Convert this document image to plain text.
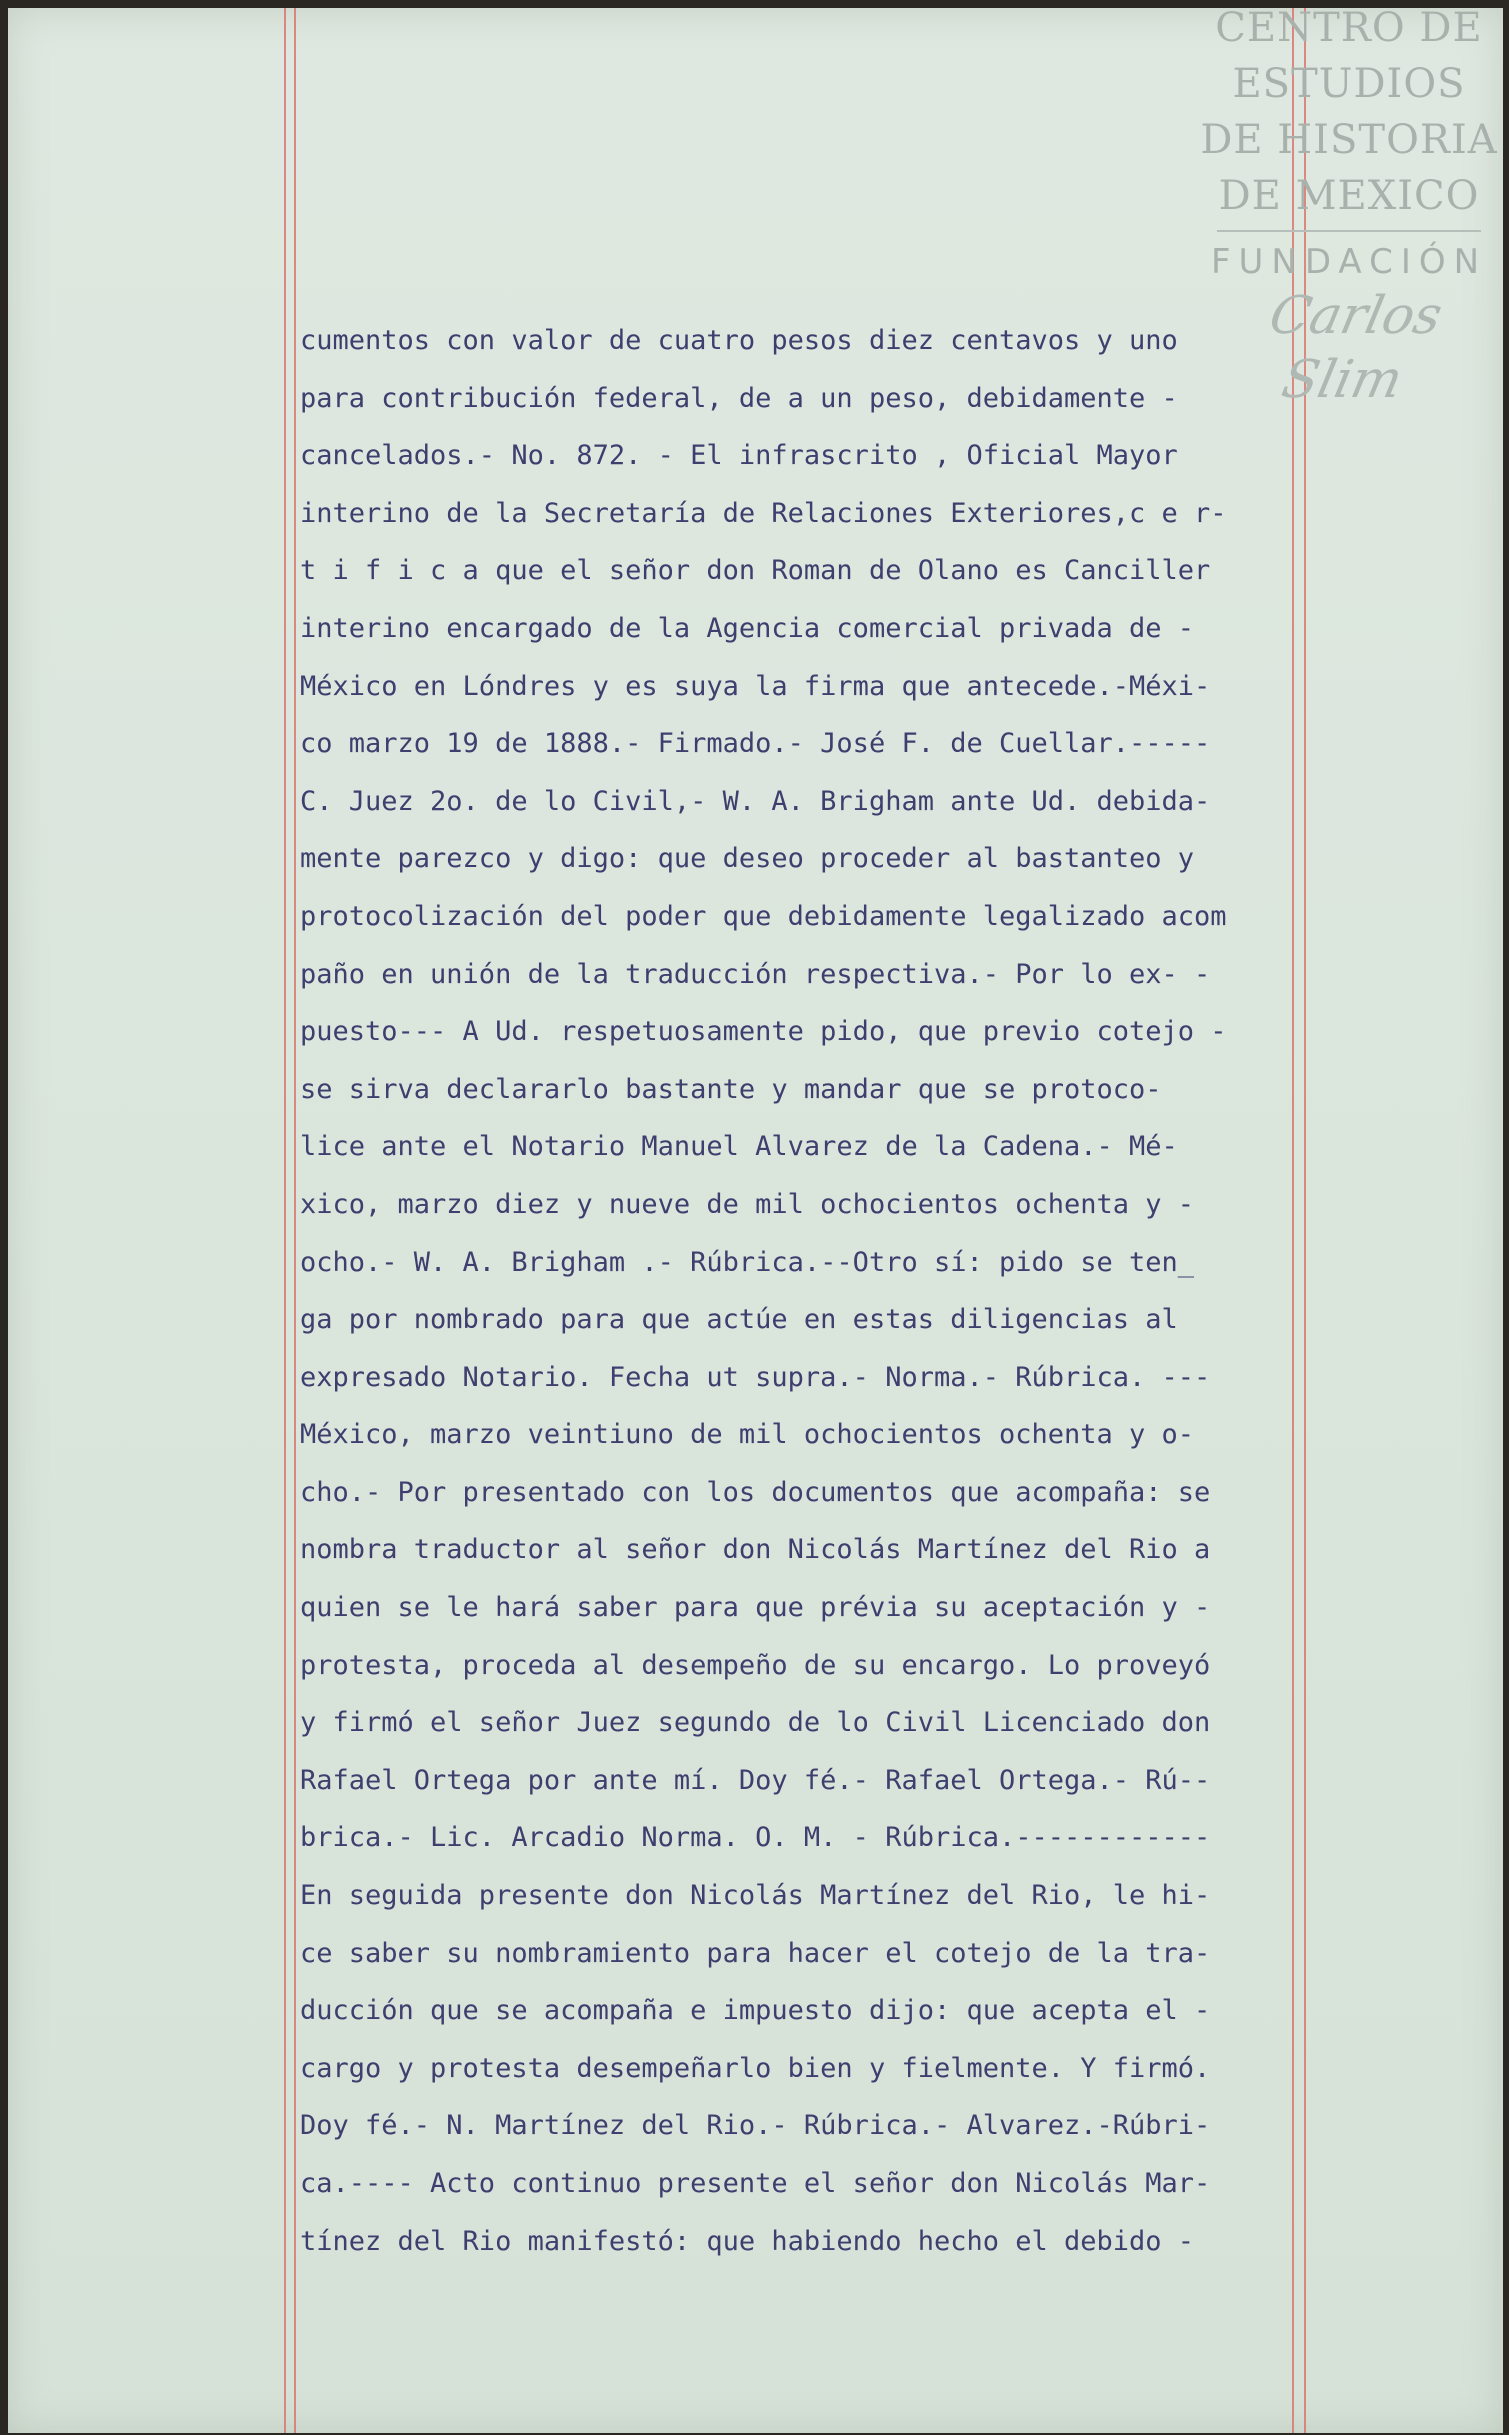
CENTRO DE
ESTUDIOS
DE HISTORIA
DE MEXICO
FUNDACIÓN
Carlos Slim
cumentos con valor de cuatro pesos diez centavos y uno
para contribución federal, de a un peso, debidamente -
cancelados.- No. 872. - El infrascrito , Oficial Mayor
interino de la Secretaría de Relaciones Exteriores,c e r-
t i f i c a que el señor don Roman de Olano es Canciller
interino encargado de la Agencia comercial privada de -
México en Lóndres y es suya la firma que antecede.-Méxi-
co marzo 19 de 1888.- Firmado.- José F. de Cuellar.-----
C. Juez 2o. de lo Civil,- W. A. Brigham ante Ud. debida-
mente parezco y digo: que deseo proceder al bastanteo y
protocolización del poder que debidamente legalizado acom
paño en unión de la traducción respectiva.- Por lo ex- -
puesto--- A Ud. respetuosamente pido, que previo cotejo -
se sirva declararlo bastante y mandar que se protoco-
lice ante el Notario Manuel Alvarez de la Cadena.- Mé-
xico, marzo diez y nueve de mil ochocientos ochenta y -
ocho.- W. A. Brigham .- Rúbrica.--Otro sí: pido se ten_
ga por nombrado para que actúe en estas diligencias al
expresado Notario. Fecha ut supra.- Norma.- Rúbrica. ---
México, marzo veintiuno de mil ochocientos ochenta y o-
cho.- Por presentado con los documentos que acompaña: se
nombra traductor al señor don Nicolás Martínez del Rio a
quien se le hará saber para que prévia su aceptación y -
protesta, proceda al desempeño de su encargo. Lo proveyó
y firmó el señor Juez segundo de lo Civil Licenciado don
Rafael Ortega por ante mí. Doy fé.- Rafael Ortega.- Rú--
brica.- Lic. Arcadio Norma. O. M. - Rúbrica.------------
En seguida presente don Nicolás Martínez del Rio, le hi-
ce saber su nombramiento para hacer el cotejo de la tra-
ducción que se acompaña e impuesto dijo: que acepta el -
cargo y protesta desempeñarlo bien y fielmente. Y firmó.
Doy fé.- N. Martínez del Rio.- Rúbrica.- Alvarez.-Rúbri-
ca.---- Acto continuo presente el señor don Nicolás Mar-
tínez del Rio manifestó: que habiendo hecho el debido -
